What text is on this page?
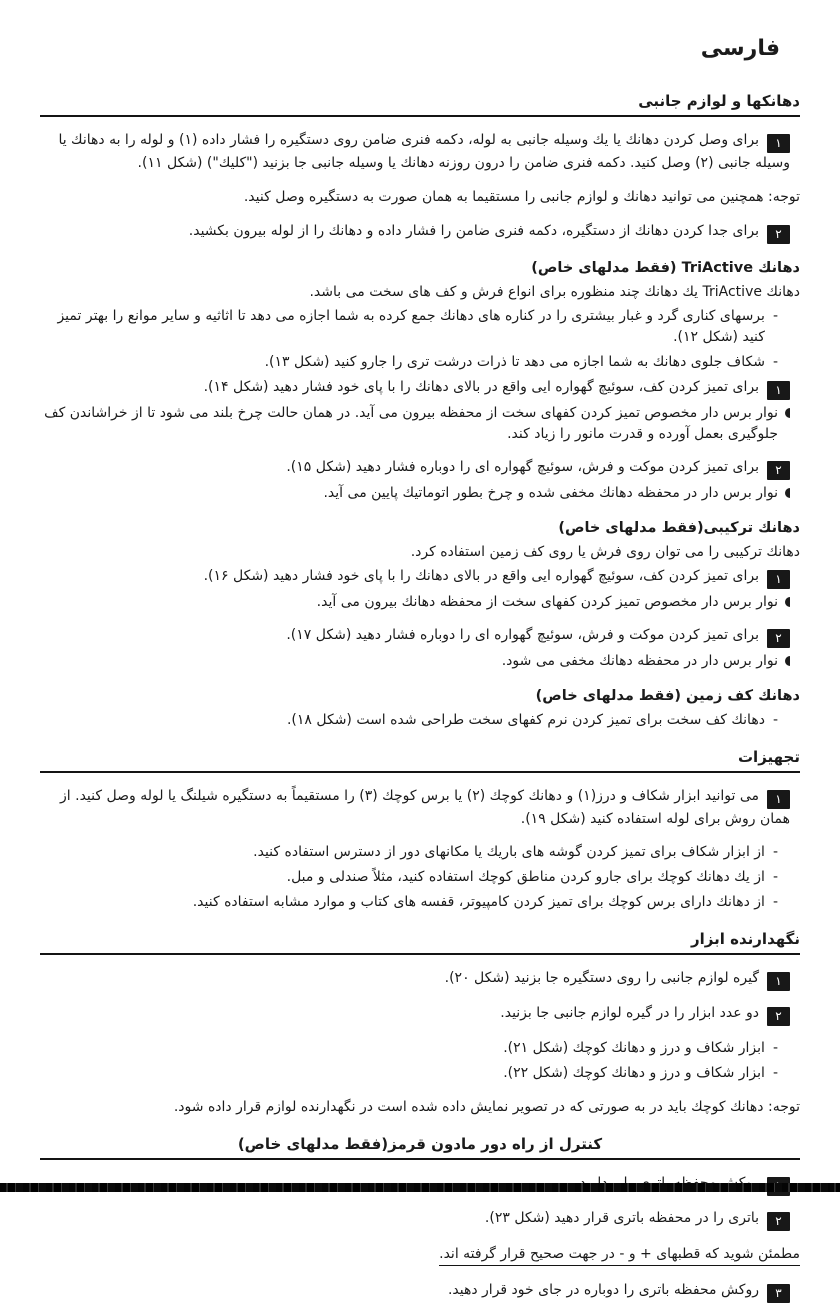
فارسی
دهانكها و لوازم جانبی
۱برای وصل كردن دهانك يا يك وسيله جانبی به لوله، دكمه فنری ضامن روی دستگيره را فشار داده (۱) و لوله را به دهانك يا وسيله جانبی (۲) وصل كنيد. دكمه فنری ضامن را درون روزنه دهانك يا وسيله جانبی جا بزنيد ("كليك") (شكل ۱۱).
توجه: همچنين می توانيد دهانك و لوازم جانبی را مستقيما به همان صورت به دستگيره وصل كنيد.
۲برای جدا كردن دهانك از دستگيره، دكمه فنری ضامن را فشار داده و دهانك را از لوله بيرون بكشيد.
دهانك TriActive (فقط مدلهای خاص)
دهانك TriActive يك دهانك چند منظوره برای انواع فرش و كف های سخت می باشد.
-
برسهای كناری گرد و غبار بيشتری را در كناره های دهانك جمع كرده به شما اجازه می دهد تا اثاثيه و ساير موانع را بهتر تميز كنيد (شكل ۱۲).
-
شكاف جلوی دهانك به شما اجازه می دهد تا ذرات درشت تری را جارو كنيد (شكل ۱۳).
۱برای تميز كردن كف، سوئيچ گهواره ايی واقع در بالای دهانك را با پای خود فشار دهيد (شكل ۱۴).
نوار برس دار مخصوص تميز كردن كفهای سخت از محفظه بيرون می آيد. در همان حالت چرخ بلند می شود تا از خراشاندن كف جلوگيری بعمل آورده و قدرت مانور را زياد كند.
۲برای تميز كردن موكت و فرش، سوئيچ گهواره ای را دوباره فشار دهيد (شكل ۱۵).
نوار برس دار در محفظه دهانك مخفی شده و چرخ بطور اتوماتيك پايين می آيد.
دهانك تركيبی(فقط مدلهای خاص)
دهانك تركيبی را می توان روی فرش يا روی كف زمين استفاده كرد.
۱برای تميز كردن كف، سوئيچ گهواره ايی واقع در بالای دهانك را با پای خود فشار دهيد (شكل ۱۶).
نوار برس دار مخصوص تميز كردن كفهای سخت از محفظه دهانك بيرون می آيد.
۲برای تميز كردن موكت و فرش، سوئيچ گهواره ای را دوباره فشار دهيد (شكل ۱۷).
نوار برس دار در محفظه دهانك مخفی می شود.
دهانك كف زمين (فقط مدلهای خاص)
-
دهانك كف سخت برای تميز كردن نرم كفهای سخت طراحی شده است (شكل ۱۸).
تجهيزات
۱می توانيد ابزار شكاف و درز(۱) و دهانك كوچك (۲) يا برس كوچك (۳) را مستقيماً به دستگيره شيلنگ يا لوله وصل كنيد. از همان روش برای لوله استفاده كنيد (شكل ۱۹).
-
از ابزار شكاف برای تميز كردن گوشه های باريك يا مكانهای دور از دسترس استفاده كنيد.
-
از يك دهانك كوچك برای جارو كردن مناطق كوچك استفاده كنيد، مثلاً صندلی و مبل.
-
از دهانك دارای برس كوچك برای تميز كردن كامپيوتر، قفسه های كتاب و موارد مشابه استفاده كنيد.
نگهدارنده ابزار
۱گيره لوازم جانبی را روی دستگيره جا بزنيد (شكل ۲۰).
۲دو عدد ابزار را در گيره لوازم جانبی جا بزنيد.
-
ابزار شكاف و درز و دهانك كوچك (شكل ۲۱).
-
ابزار شكاف و درز و دهانك كوچك (شكل ۲۲).
توجه: دهانك كوچك بايد در به صورتی كه در تصوير نمايش داده شده است در نگهدارنده لوازم قرار داده شود.
كنترل از راه دور مادون قرمز(فقط مدلهای خاص)
۲باتری را در محفظه باتری قرار دهيد (شكل ۲۳).
مطمئن شويد كه قطبهای + و - در جهت صحيح قرار گرفته اند.
۳روكش محفظه باتری را دوباره در جای خود قرار دهيد.
